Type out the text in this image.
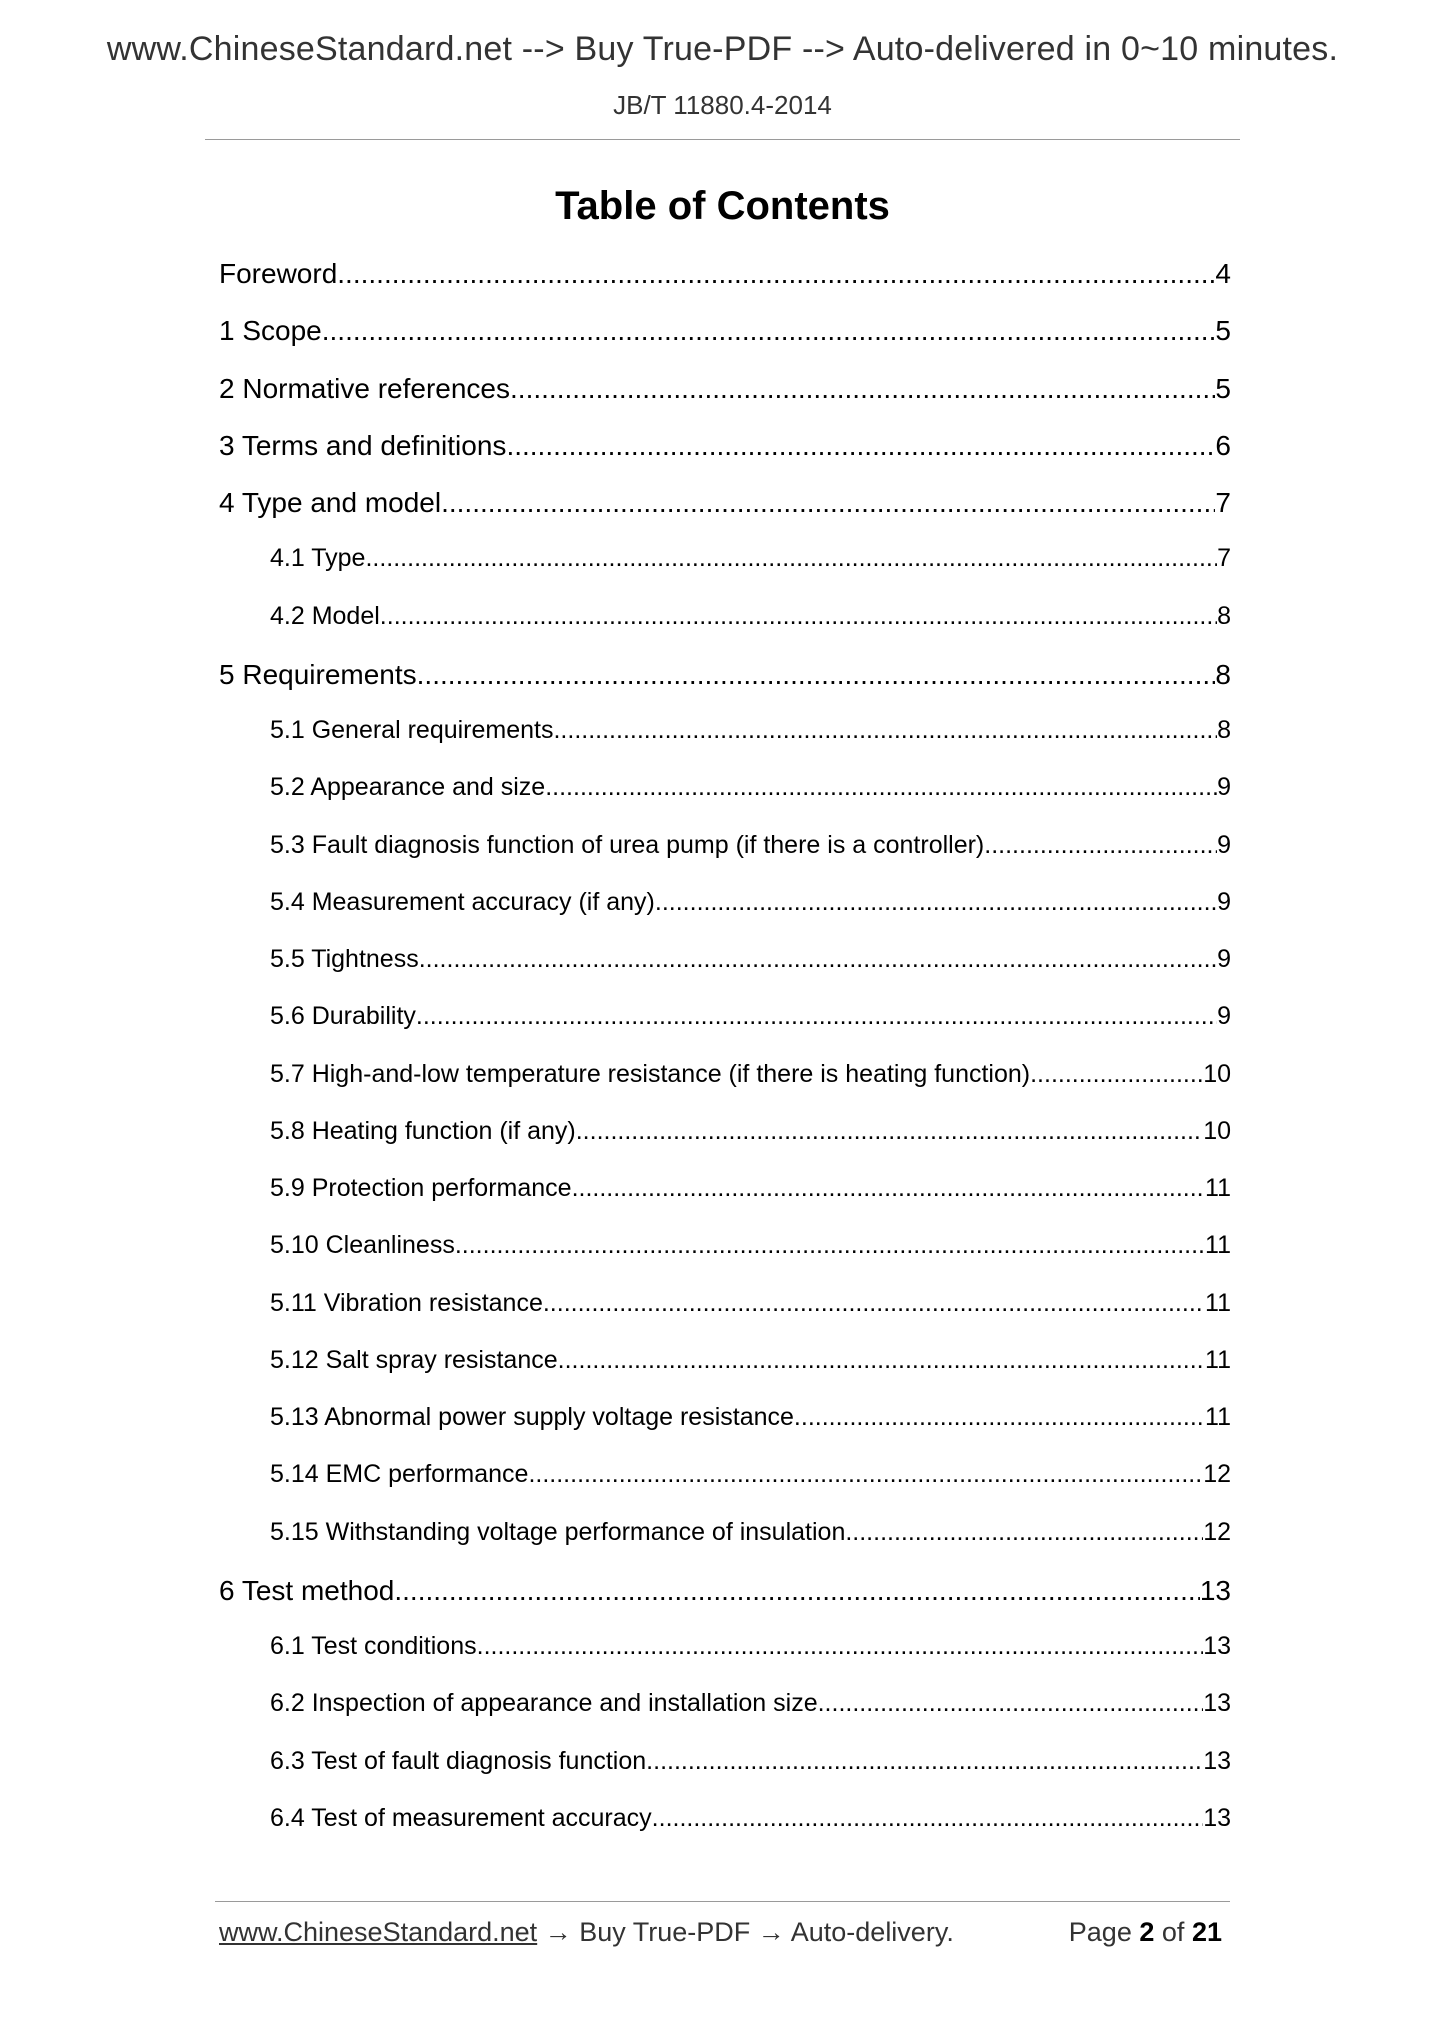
www.ChineseStandard.net --> Buy True-PDF --> Auto-delivered in 0~10 minutes.
JB/T 11880.4-2014
Table of Contents
Foreword .....	4
1 Scope .....	5
2 Normative references .....	5
3 Terms and definitions .....	6
4 Type and model .....	7
4.1 Type .....	7
4.2 Model .....	8
5 Requirements .....	8
5.1 General requirements .....	8
5.2 Appearance and size .....	9
5.3 Fault diagnosis function of urea pump (if there is a controller) .....	9
5.4 Measurement accuracy (if any) .....	9
5.5 Tightness .....	9
5.6 Durability .....	9
5.7 High-and-low temperature resistance (if there is heating function) .....	10
5.8 Heating function (if any) .....	10
5.9 Protection performance .....	11
5.10 Cleanliness .....	11
5.11 Vibration resistance .....	11
5.12 Salt spray resistance .....	11
5.13 Abnormal power supply voltage resistance .....	11
5.14 EMC performance .....	12
5.15 Withstanding voltage performance of insulation .....	12
6 Test method .....	13
6.1 Test conditions .....	13
6.2 Inspection of appearance and installation size .....	13
6.3 Test of fault diagnosis function .....	13
6.4 Test of measurement accuracy .....	13
www.ChineseStandard.net → Buy True-PDF → Auto-delivery.	Page 2 of 21
